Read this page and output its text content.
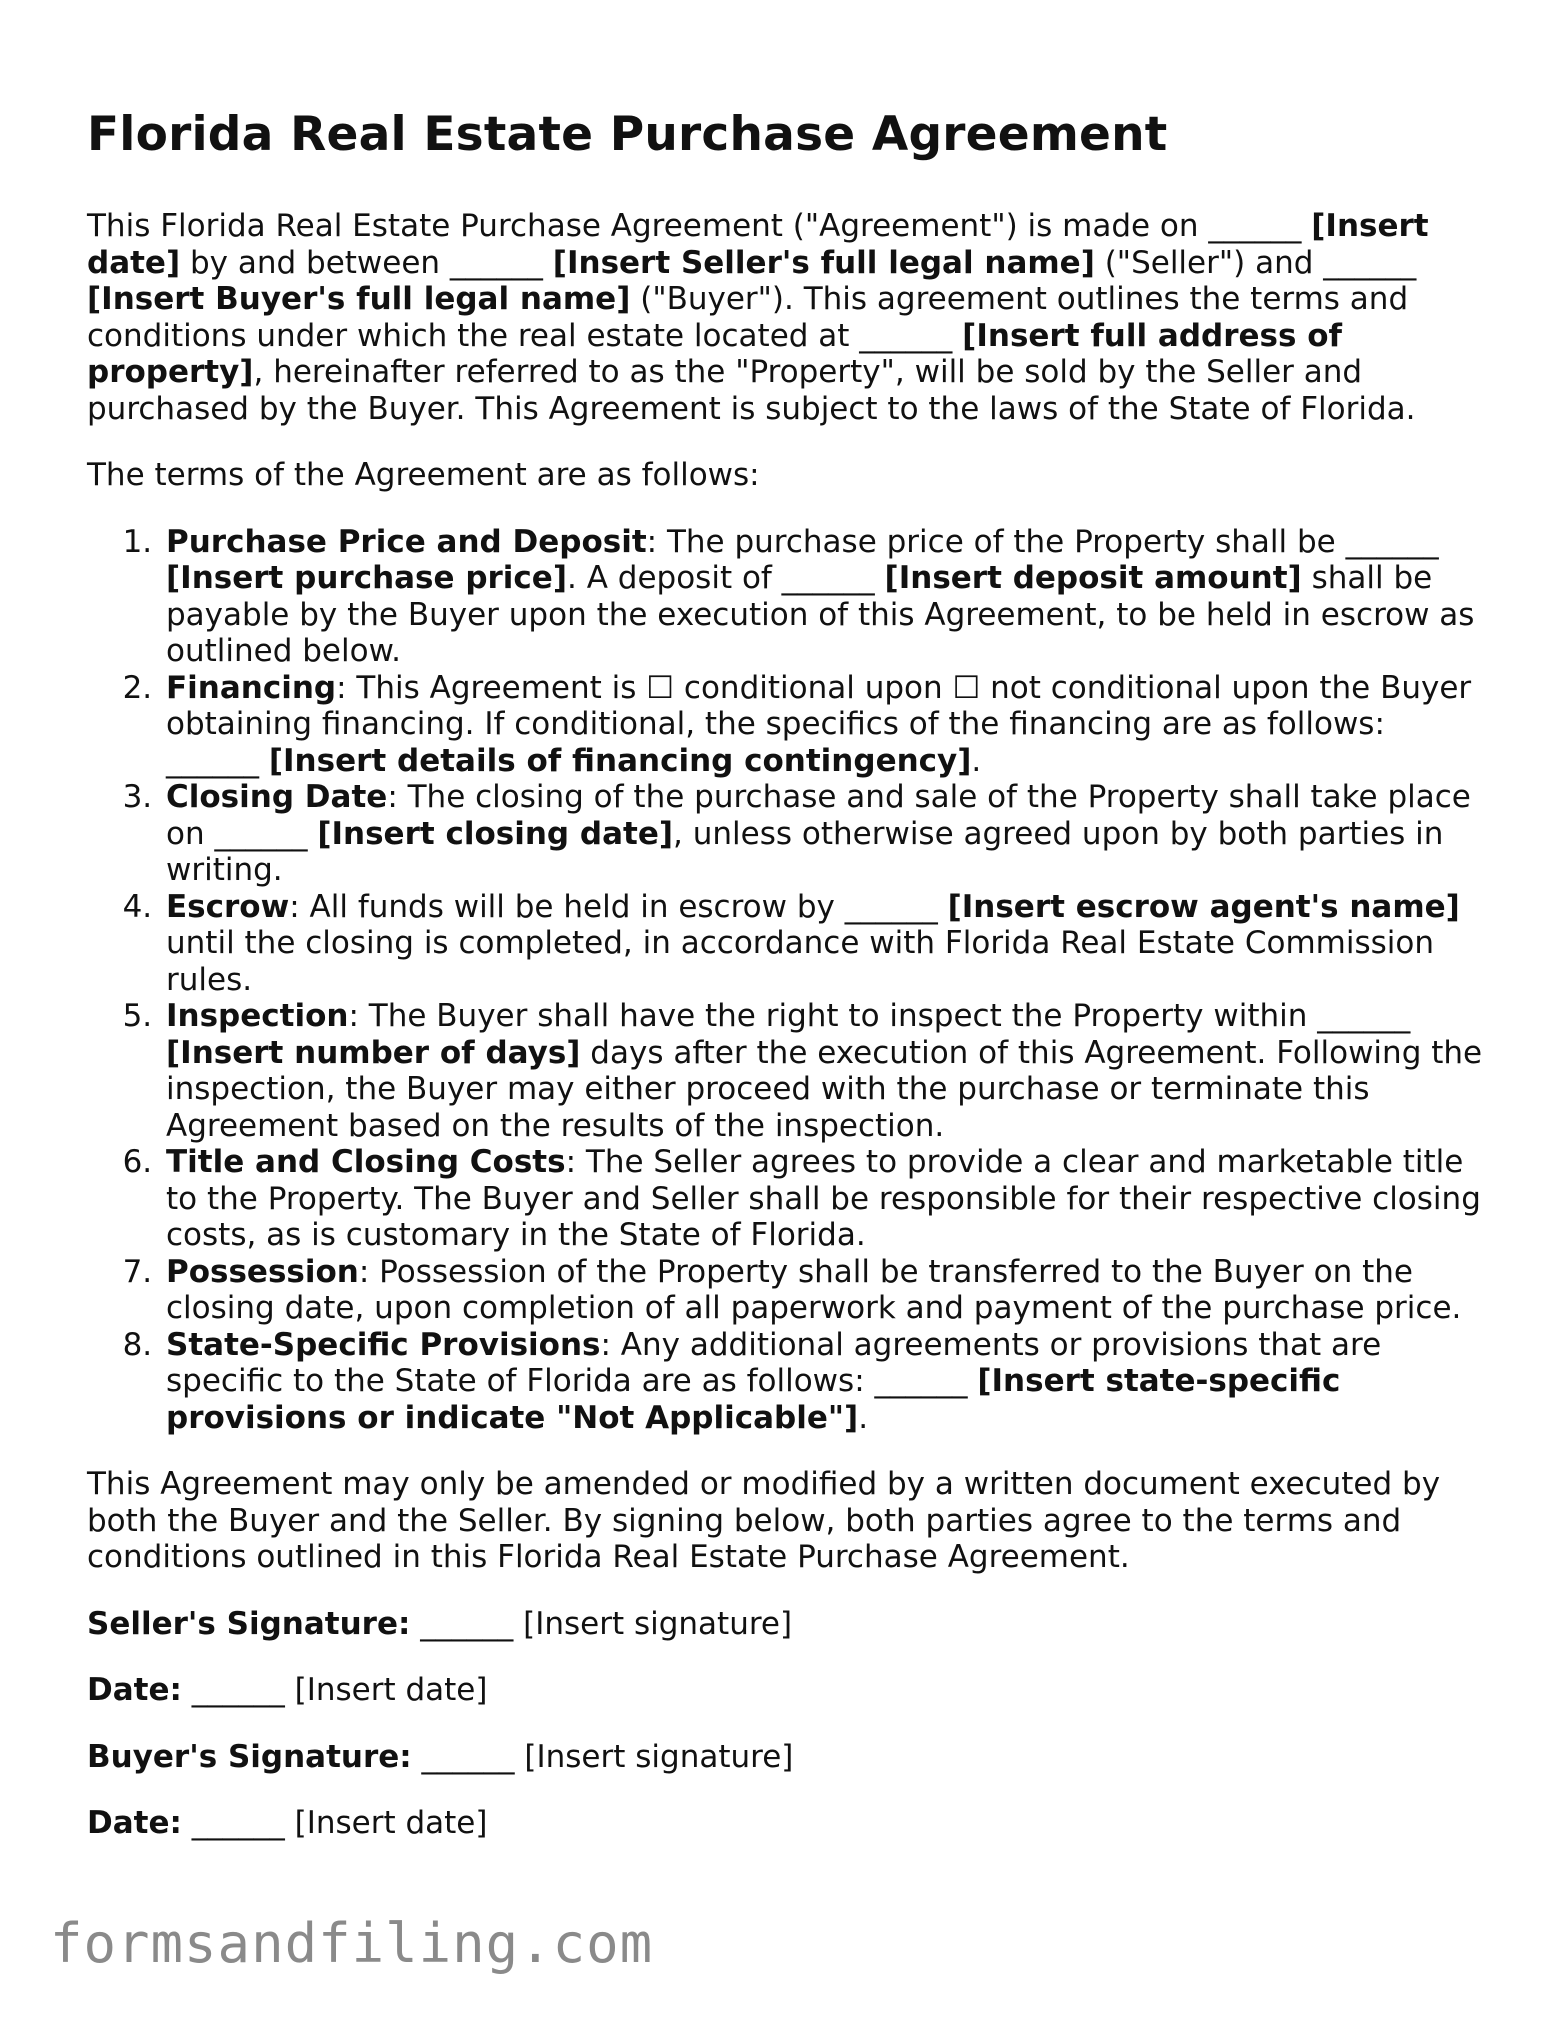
Florida Real Estate Purchase Agreement

This Florida Real Estate Purchase Agreement ("Agreement") is made on ______ [Insert date] by and between ______ [Insert Seller's full legal name] ("Seller") and ______ [Insert Buyer's full legal name] ("Buyer"). This agreement outlines the terms and conditions under which the real estate located at ______ [Insert full address of property], hereinafter referred to as the "Property", will be sold by the Seller and purchased by the Buyer. This Agreement is subject to the laws of the State of Florida.

The terms of the Agreement are as follows:

1. Purchase Price and Deposit: The purchase price of the Property shall be ______ [Insert purchase price]. A deposit of ______ [Insert deposit amount] shall be payable by the Buyer upon the execution of this Agreement, to be held in escrow as outlined below.
2. Financing: This Agreement is ☐ conditional upon ☐ not conditional upon the Buyer obtaining financing. If conditional, the specifics of the financing are as follows: ______ [Insert details of financing contingency].
3. Closing Date: The closing of the purchase and sale of the Property shall take place on ______ [Insert closing date], unless otherwise agreed upon by both parties in writing.
4. Escrow: All funds will be held in escrow by ______ [Insert escrow agent's name] until the closing is completed, in accordance with Florida Real Estate Commission rules.
5. Inspection: The Buyer shall have the right to inspect the Property within ______ [Insert number of days] days after the execution of this Agreement. Following the inspection, the Buyer may either proceed with the purchase or terminate this Agreement based on the results of the inspection.
6. Title and Closing Costs: The Seller agrees to provide a clear and marketable title to the Property. The Buyer and Seller shall be responsible for their respective closing costs, as is customary in the State of Florida.
7. Possession: Possession of the Property shall be transferred to the Buyer on the closing date, upon completion of all paperwork and payment of the purchase price.
8. State-Specific Provisions: Any additional agreements or provisions that are specific to the State of Florida are as follows: ______ [Insert state-specific provisions or indicate "Not Applicable"].

This Agreement may only be amended or modified by a written document executed by both the Buyer and the Seller. By signing below, both parties agree to the terms and conditions outlined in this Florida Real Estate Purchase Agreement.

Seller's Signature: ______ [Insert signature]

Date: ______ [Insert date]

Buyer's Signature: ______ [Insert signature]

Date: ______ [Insert date]

formsandfiling.com
